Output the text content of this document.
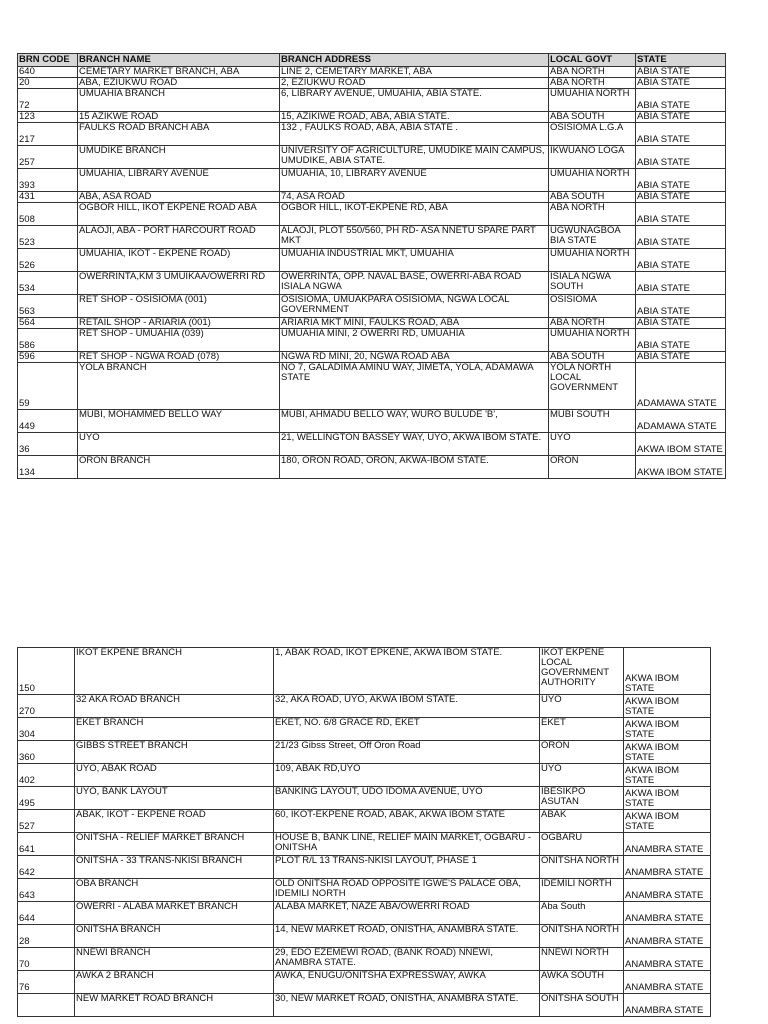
BRN CODE	BRANCH NAME	BRANCH ADDRESS	LOCAL GOVT	STATE
640	CEMETARY MARKET BRANCH, ABA	LINE 2, CEMETARY MARKET, ABA	ABA NORTH	ABIA STATE
20	ABA, EZIUKWU ROAD	2, EZIUKWU ROAD	ABA NORTH	ABIA STATE
72	UMUAHIA BRANCH	6, LIBRARY AVENUE, UMUAHIA, ABIA STATE.	UMUAHIA NORTH	ABIA STATE
123	15 AZIKWE ROAD	15, AZIKIWE ROAD, ABA, ABIA STATE.	ABA SOUTH	ABIA STATE
217	FAULKS ROAD BRANCH ABA	132 , FAULKS ROAD, ABA, ABIA STATE .	OSISIOMA L.G.A	ABIA STATE
257	UMUDIKE BRANCH	UNIVERSITY OF AGRICULTURE, UMUDIKE MAIN CAMPUS, UMUDIKE, ABIA STATE.	IKWUANO LOGA	ABIA STATE
393	UMUAHIA, LIBRARY AVENUE	UMUAHIA, 10, LIBRARY AVENUE	UMUAHIA NORTH	ABIA STATE
431	ABA, ASA ROAD	74, ASA ROAD	ABA SOUTH	ABIA STATE
508	OGBOR HILL, IKOT EKPENE ROAD ABA	OGBOR HILL, IKOT-EKPENE RD, ABA	ABA NORTH	ABIA STATE
523	ALAOJI, ABA - PORT HARCOURT ROAD	ALAOJI, PLOT 550/560, PH RD- ASA NNETU SPARE PART MKT	UGWUNAGBOA BIA STATE	ABIA STATE
526	UMUAHIA, IKOT - EKPENE ROAD)	UMUAHIA INDUSTRIAL MKT, UMUAHIA	UMUAHIA NORTH	ABIA STATE
534	OWERRINTA,KM 3 UMUIKAA/OWERRI RD	OWERRINTA, OPP. NAVAL BASE, OWERRI-ABA ROAD ISIALA NGWA	ISIALA NGWA SOUTH	ABIA STATE
563	RET SHOP - OSISIOMA (001)	OSISIOMA, UMUAKPARA OSISIOMA, NGWA LOCAL GOVERNMENT	OSISIOMA	ABIA STATE
564	RETAIL SHOP - ARIARIA (001)	ARIARIA MKT MINI, FAULKS ROAD, ABA	ABA NORTH	ABIA STATE
586	RET SHOP - UMUAHIA (039)	UMUAHIA MINI, 2 OWERRI RD, UMUAHIA	UMUAHIA NORTH	ABIA STATE
596	RET SHOP - NGWA ROAD (078)	NGWA RD MINI, 20, NGWA ROAD ABA	ABA SOUTH	ABIA STATE
59	YOLA BRANCH	NO 7, GALADIMA AMINU WAY, JIMETA, YOLA, ADAMAWA STATE	YOLA NORTH LOCAL GOVERNMENT	ADAMAWA STATE
449	MUBI, MOHAMMED BELLO WAY	MUBI, AHMADU BELLO WAY, WURO BULUDE 'B',	MUBI SOUTH	ADAMAWA STATE
36	UYO	21, WELLINGTON BASSEY WAY, UYO, AKWA IBOM STATE.	UYO	AKWA IBOM STATE
134	ORON BRANCH	180, ORON ROAD, ORON, AKWA-IBOM STATE.	ORON	AKWA IBOM STATE
150	IKOT EKPENE BRANCH	1, ABAK ROAD, IKOT EPKENE, AKWA IBOM STATE.	IKOT EKPENE LOCAL GOVERNMENT AUTHORITY	AKWA IBOM STATE
270	32 AKA ROAD BRANCH	32, AKA ROAD, UYO, AKWA IBOM STATE.	UYO	AKWA IBOM STATE
304	EKET BRANCH	EKET, NO. 6/8 GRACE RD, EKET	EKET	AKWA IBOM STATE
360	GIBBS STREET BRANCH	21/23 Gibss Street, Off Oron Road	ORON	AKWA IBOM STATE
402	UYO, ABAK ROAD	109, ABAK RD,UYO	UYO	AKWA IBOM STATE
495	UYO, BANK LAYOUT	BANKING LAYOUT, UDO IDOMA AVENUE, UYO	IBESIKPO ASUTAN	AKWA IBOM STATE
527	ABAK, IKOT - EKPENE ROAD	60, IKOT-EKPENE ROAD, ABAK, AKWA IBOM STATE	ABAK	AKWA IBOM STATE
641	ONITSHA - RELIEF MARKET BRANCH	HOUSE B, BANK LINE, RELIEF MAIN MARKET, OGBARU - ONITSHA	OGBARU	ANAMBRA STATE
642	ONITSHA - 33 TRANS-NKISI BRANCH	PLOT R/L 13 TRANS-NKISI LAYOUT, PHASE 1	ONITSHA NORTH	ANAMBRA STATE
643	OBA BRANCH	OLD ONITSHA ROAD OPPOSITE IGWE'S PALACE OBA, IDEMILI NORTH	IDEMILI NORTH	ANAMBRA STATE
644	OWERRI - ALABA MARKET BRANCH	ALABA MARKET, NAZE ABA/OWERRI ROAD	Aba South	ANAMBRA STATE
28	ONITSHA BRANCH	14, NEW MARKET ROAD, ONISTHA, ANAMBRA STATE.	ONITSHA NORTH	ANAMBRA STATE
70	NNEWI BRANCH	29, EDO EZEMEWI ROAD, (BANK ROAD) NNEWI, ANAMBRA STATE.	NNEWI NORTH	ANAMBRA STATE
76	AWKA 2 BRANCH	AWKA, ENUGU/ONITSHA EXPRESSWAY, AWKA	AWKA SOUTH	ANAMBRA STATE
	NEW MARKET ROAD BRANCH	30, NEW MARKET ROAD, ONISTHA, ANAMBRA STATE.	ONITSHA SOUTH	ANAMBRA STATE
